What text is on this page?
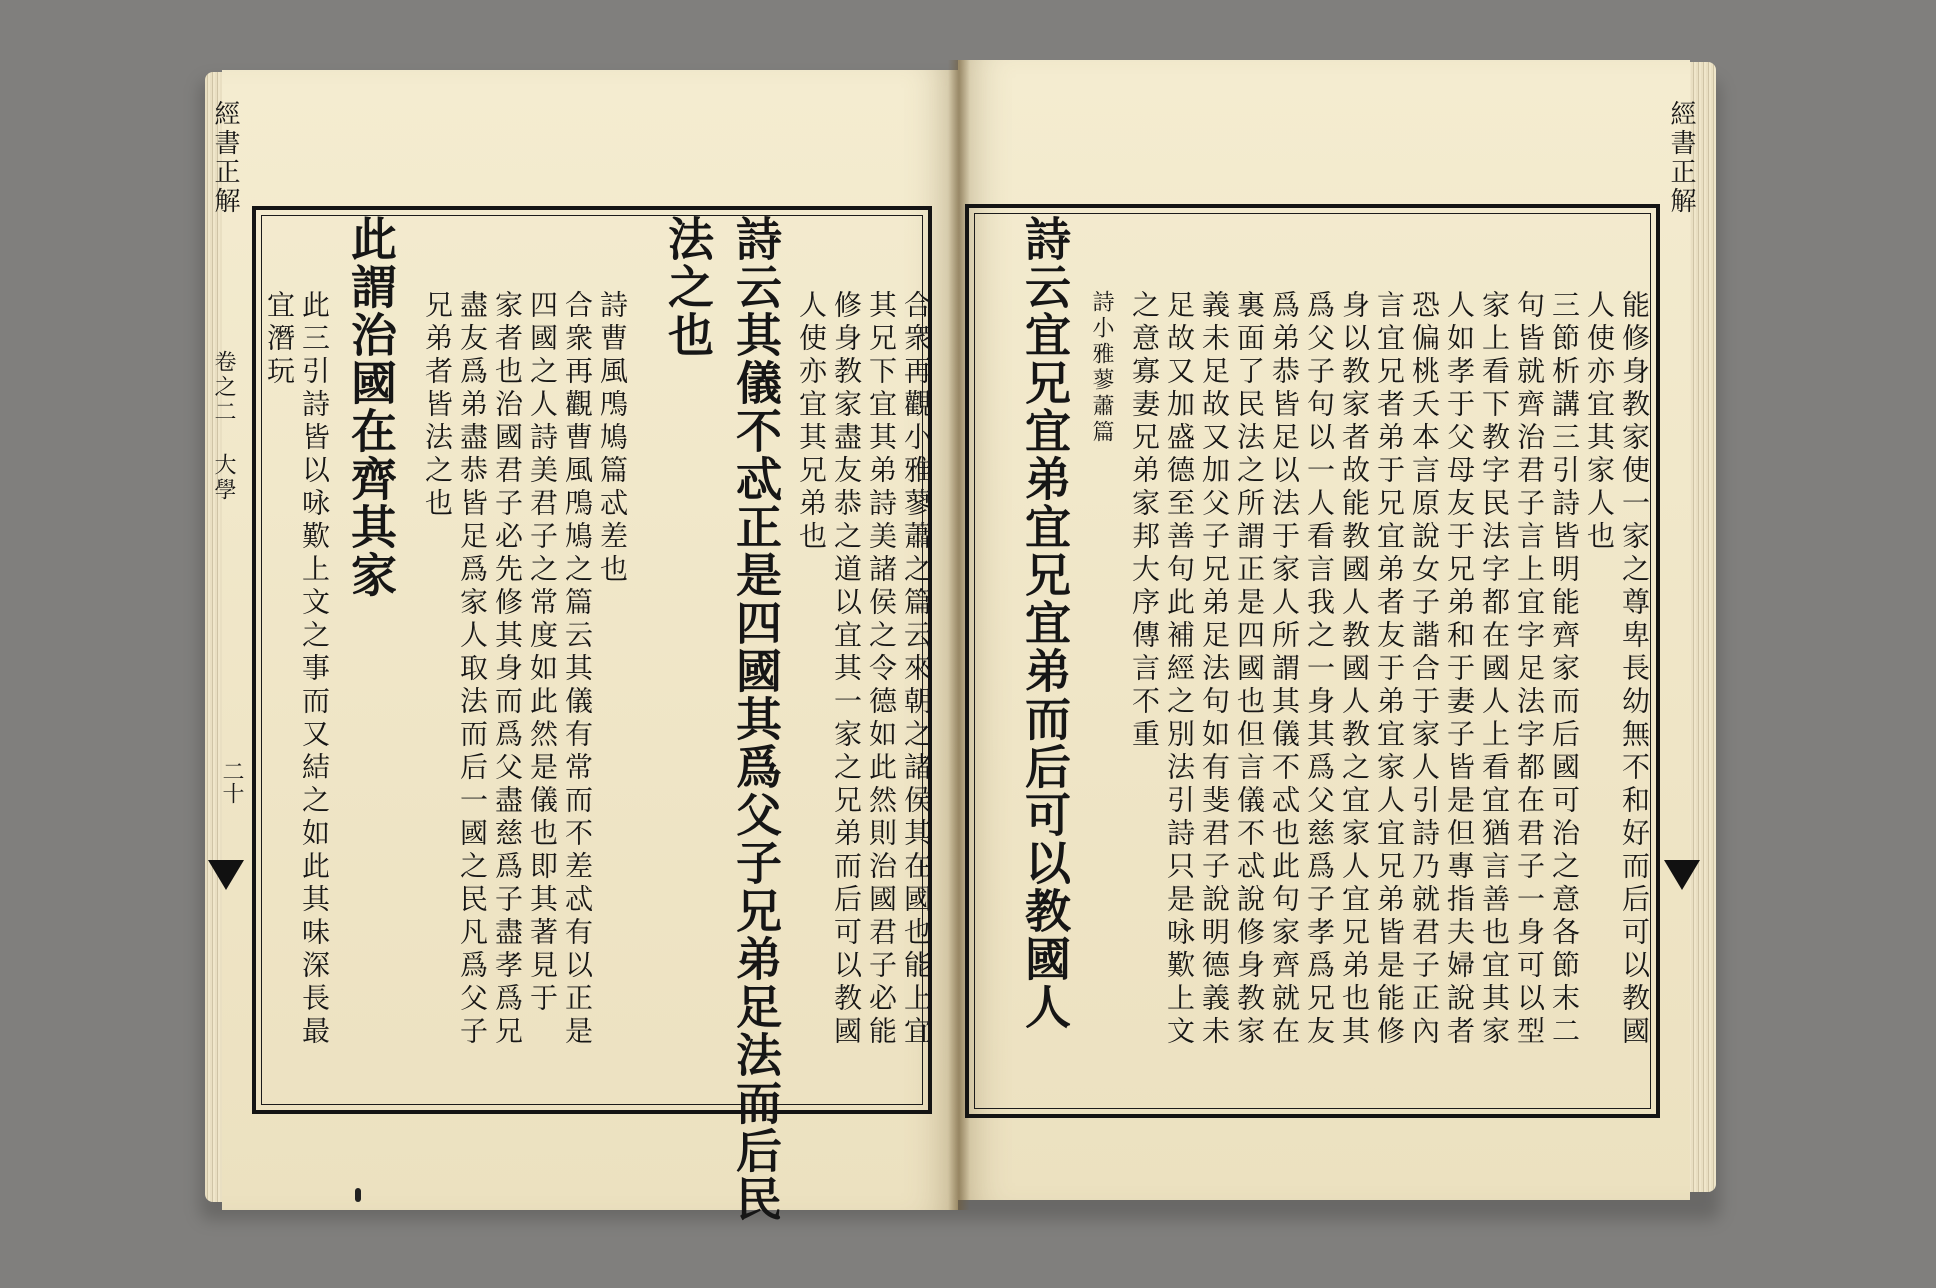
經書正解
卷之二 大學
二十	合衆再觀小雅蓼蕭之篇云來朝之諸侯其在國也能上宜
其兄下宜其弟詩美諸侯之令德如此然則治國君子必能
修身教家盡友恭之道以宜其一家之兄弟而后可以教國
人使亦宜其兄弟也
詩云其儀不忒正是四國其爲父子兄弟足法而后民
法之也
詩曹風鳲鳩篇忒差也
合衆再觀曹風鳲鳩之篇云其儀有常而不差忒有以正是
四國之人詩美君子之常度如此然是儀也即其著見于
家者也治國君子必先修其身而爲父盡慈爲子盡孝爲兄
盡友爲弟盡恭皆足爲家人取法而后一國之民凡爲父子
兄弟者皆法之也
此謂治國在齊其家
此三引詩皆以咏歎上文之事而又結之如此其味深長最
宜潛玩
經書正解
能修身教家使一家之尊卑長幼無不和好而后可以教國
人使亦宜其家人也
三節析講三引詩皆明能齊家而后國可治之意各節末二
句皆就齊治君子言上宜字足法字都在君子一身可以型
家上看下教字民法字都在國人上看宜猶言善也宜其家
人如孝于父母友于兄弟和于妻子皆是但專指夫婦說者
恐偏桃夭本言原說女子諧合于家人引詩乃就君子正內
言宜兄者弟于兄宜弟者友于弟宜家人宜兄弟皆是能修
身以教家者故能教國人教國人教之宜家人宜兄弟也其
爲父子句以一人看言我之一身其爲父慈爲子孝爲兄友
爲弟恭皆足以法于家人所謂其儀不忒也此句家齊就在
裏面了民法之所謂正是四國也但言儀不忒說修身教家
義未足故又加父子兄弟足法句如有斐君子說明德義未
足故又加盛德至善句此補經之別法引詩只是咏歎上文
之意寡妻兄弟家邦大序傳言不重
詩小雅蓼蕭篇
詩云宜兄宜弟宜兄宜弟而后可以教國人
